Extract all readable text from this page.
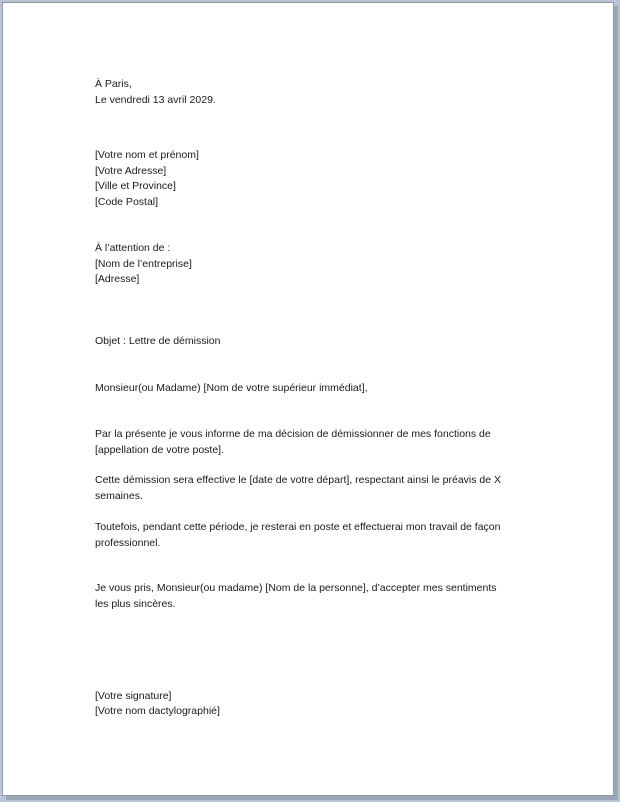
À Paris,
Le vendredi 13 avril 2029.
[Votre nom et prénom]
[Votre Adresse]
[Ville et Province]
[Code Postal]
À l’attention de :
[Nom de l’entreprise]
[Adresse]
Objet : Lettre de démission
Monsieur(ou Madame) [Nom de votre supérieur immédiat],
Par la présente je vous informe de ma décision de démissionner de mes fonctions de [appellation de votre poste].
Cette démission sera effective le [date de votre départ], respectant ainsi le préavis de X semaines.
Toutefois, pendant cette période, je resterai en poste et effectuerai mon travail de façon professionnel.
Je vous pris, Monsieur(ou madame) [Nom de la personne], d’accepter mes sentiments les plus sincères.
[Votre signature]
[Votre nom dactylographié]
